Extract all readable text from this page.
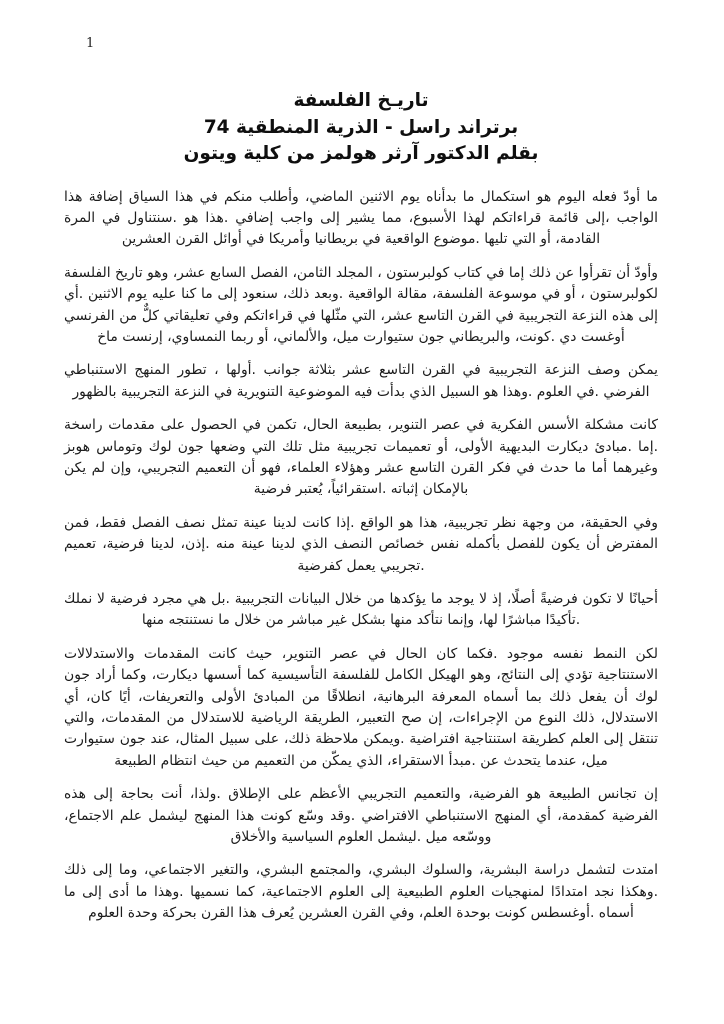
1
تاريـخ الفلسفة
برتراند راسل - الذرية المنطقية 74
بقلم الدكتور آرثر هولمز من كلية ويتون

ما أودّ فعله اليوم هو استكمال ما بدأناه يوم الاثنين الماضي، وأطلب منكم في هذا السياق إضافة هذا الواجب ،إلى قائمة قراءاتكم لهذا الأسبوع، مما يشير إلى واجب إضافي .هذا هو .سنتناول في المرة القادمة، أو التي تليها .موضوع الواقعية في بريطانيا وأمريكا في أوائل القرن العشرين

وأودّ أن تقرأوا عن ذلك إما في كتاب كولبرستون ، المجلد الثامن، الفصل السابع عشر، وهو تاريخ الفلسفة لكولبرستون ، أو في موسوعة الفلسفة، مقالة الواقعية .وبعد ذلك، سنعود إلى ما كنا عليه يوم الاثنين .أي إلى هذه النزعة التجريبية في القرن التاسع عشر، التي مثّلها في قراءاتكم وفي تعليقاتي كلٌّ من الفرنسي أوغست دي .كونت، والبريطاني جون ستيوارت ميل، والألماني، أو ربما النمساوي، إرنست ماخ

يمكن وصف النزعة التجريبية في القرن التاسع عشر بثلاثة جوانب .أولها ، تطور المنهج الاستنباطي الفرضي .في العلوم .وهذا هو السبيل الذي بدأت فيه الموضوعية التنويرية في النزعة التجريبية بالظهور

كانت مشكلة الأسس الفكرية في عصر التنوير، بطبيعة الحال، تكمن في الحصول على مقدمات راسخة .إما .مبادئ ديكارت البديهية الأولى، أو تعميمات تجريبية مثل تلك التي وضعها جون لوك وتوماس هوبز وغيرهما أما ما حدث في فكر القرن التاسع عشر وهؤلاء العلماء، فهو أن التعميم التجريبي، وإن لم يكن بالإمكان إثباته .استقرائياً، يُعتبر فرضية

وفي الحقيقة، من وجهة نظر تجريبية، هذا هو الواقع .إذا كانت لدينا عينة تمثل نصف الفصل فقط، فمن المفترض أن يكون للفصل بأكمله نفس خصائص النصف الذي لدينا عينة منه .إذن، لدينا فرضية، تعميم .تجريبي يعمل كفرضية

أحيانًا لا تكون فرضيةً أصلًا، إذ لا يوجد ما يؤكدها من خلال البيانات التجريبية .بل هي مجرد فرضية لا نملك .تأكيدًا مباشرًا لها، وإنما نتأكد منها بشكل غير مباشر من خلال ما نستنتجه منها

لكن النمط نفسه موجود .فكما كان الحال في عصر التنوير، حيث كانت المقدمات والاستدلالات الاستنتاجية تؤدي إلى النتائج، وهو الهيكل الكامل للفلسفة التأسيسية كما أسسها ديكارت، وكما أراد جون لوك أن يفعل ذلك بما أسماه المعرفة البرهانية، انطلاقًا من المبادئ الأولى والتعريفات، أيًا كان، أي الاستدلال، ذلك النوع من الإجراءات، إن صح التعبير، الطريقة الرياضية للاستدلال من المقدمات، والتي تنتقل إلى العلم كطريقة استنتاجية افتراضية .ويمكن ملاحظة ذلك، على سبيل المثال، عند جون ستيوارت ميل، عندما يتحدث عن .مبدأ الاستقراء، الذي يمكّن من التعميم من حيث انتظام الطبيعة

إن تجانس الطبيعة هو الفرضية، والتعميم التجريبي الأعظم على الإطلاق .ولذا، أنت بحاجة إلى هذه الفرضية كمقدمة، أي المنهج الاستنباطي الافتراضي .وقد وسّع كونت هذا المنهج ليشمل علم الاجتماع، ووسّعه ميل .ليشمل العلوم السياسية والأخلاق

امتدت لتشمل دراسة البشرية، والسلوك البشري، والمجتمع البشري، والتغير الاجتماعي، وما إلى ذلك .وهكذا نجد امتدادًا لمنهجيات العلوم الطبيعية إلى العلوم الاجتماعية، كما نسميها .وهذا ما أدى إلى ما أسماه .أوغسطس كونت بوحدة العلم، وفي القرن العشرين يُعرف هذا القرن بحركة وحدة العلوم
